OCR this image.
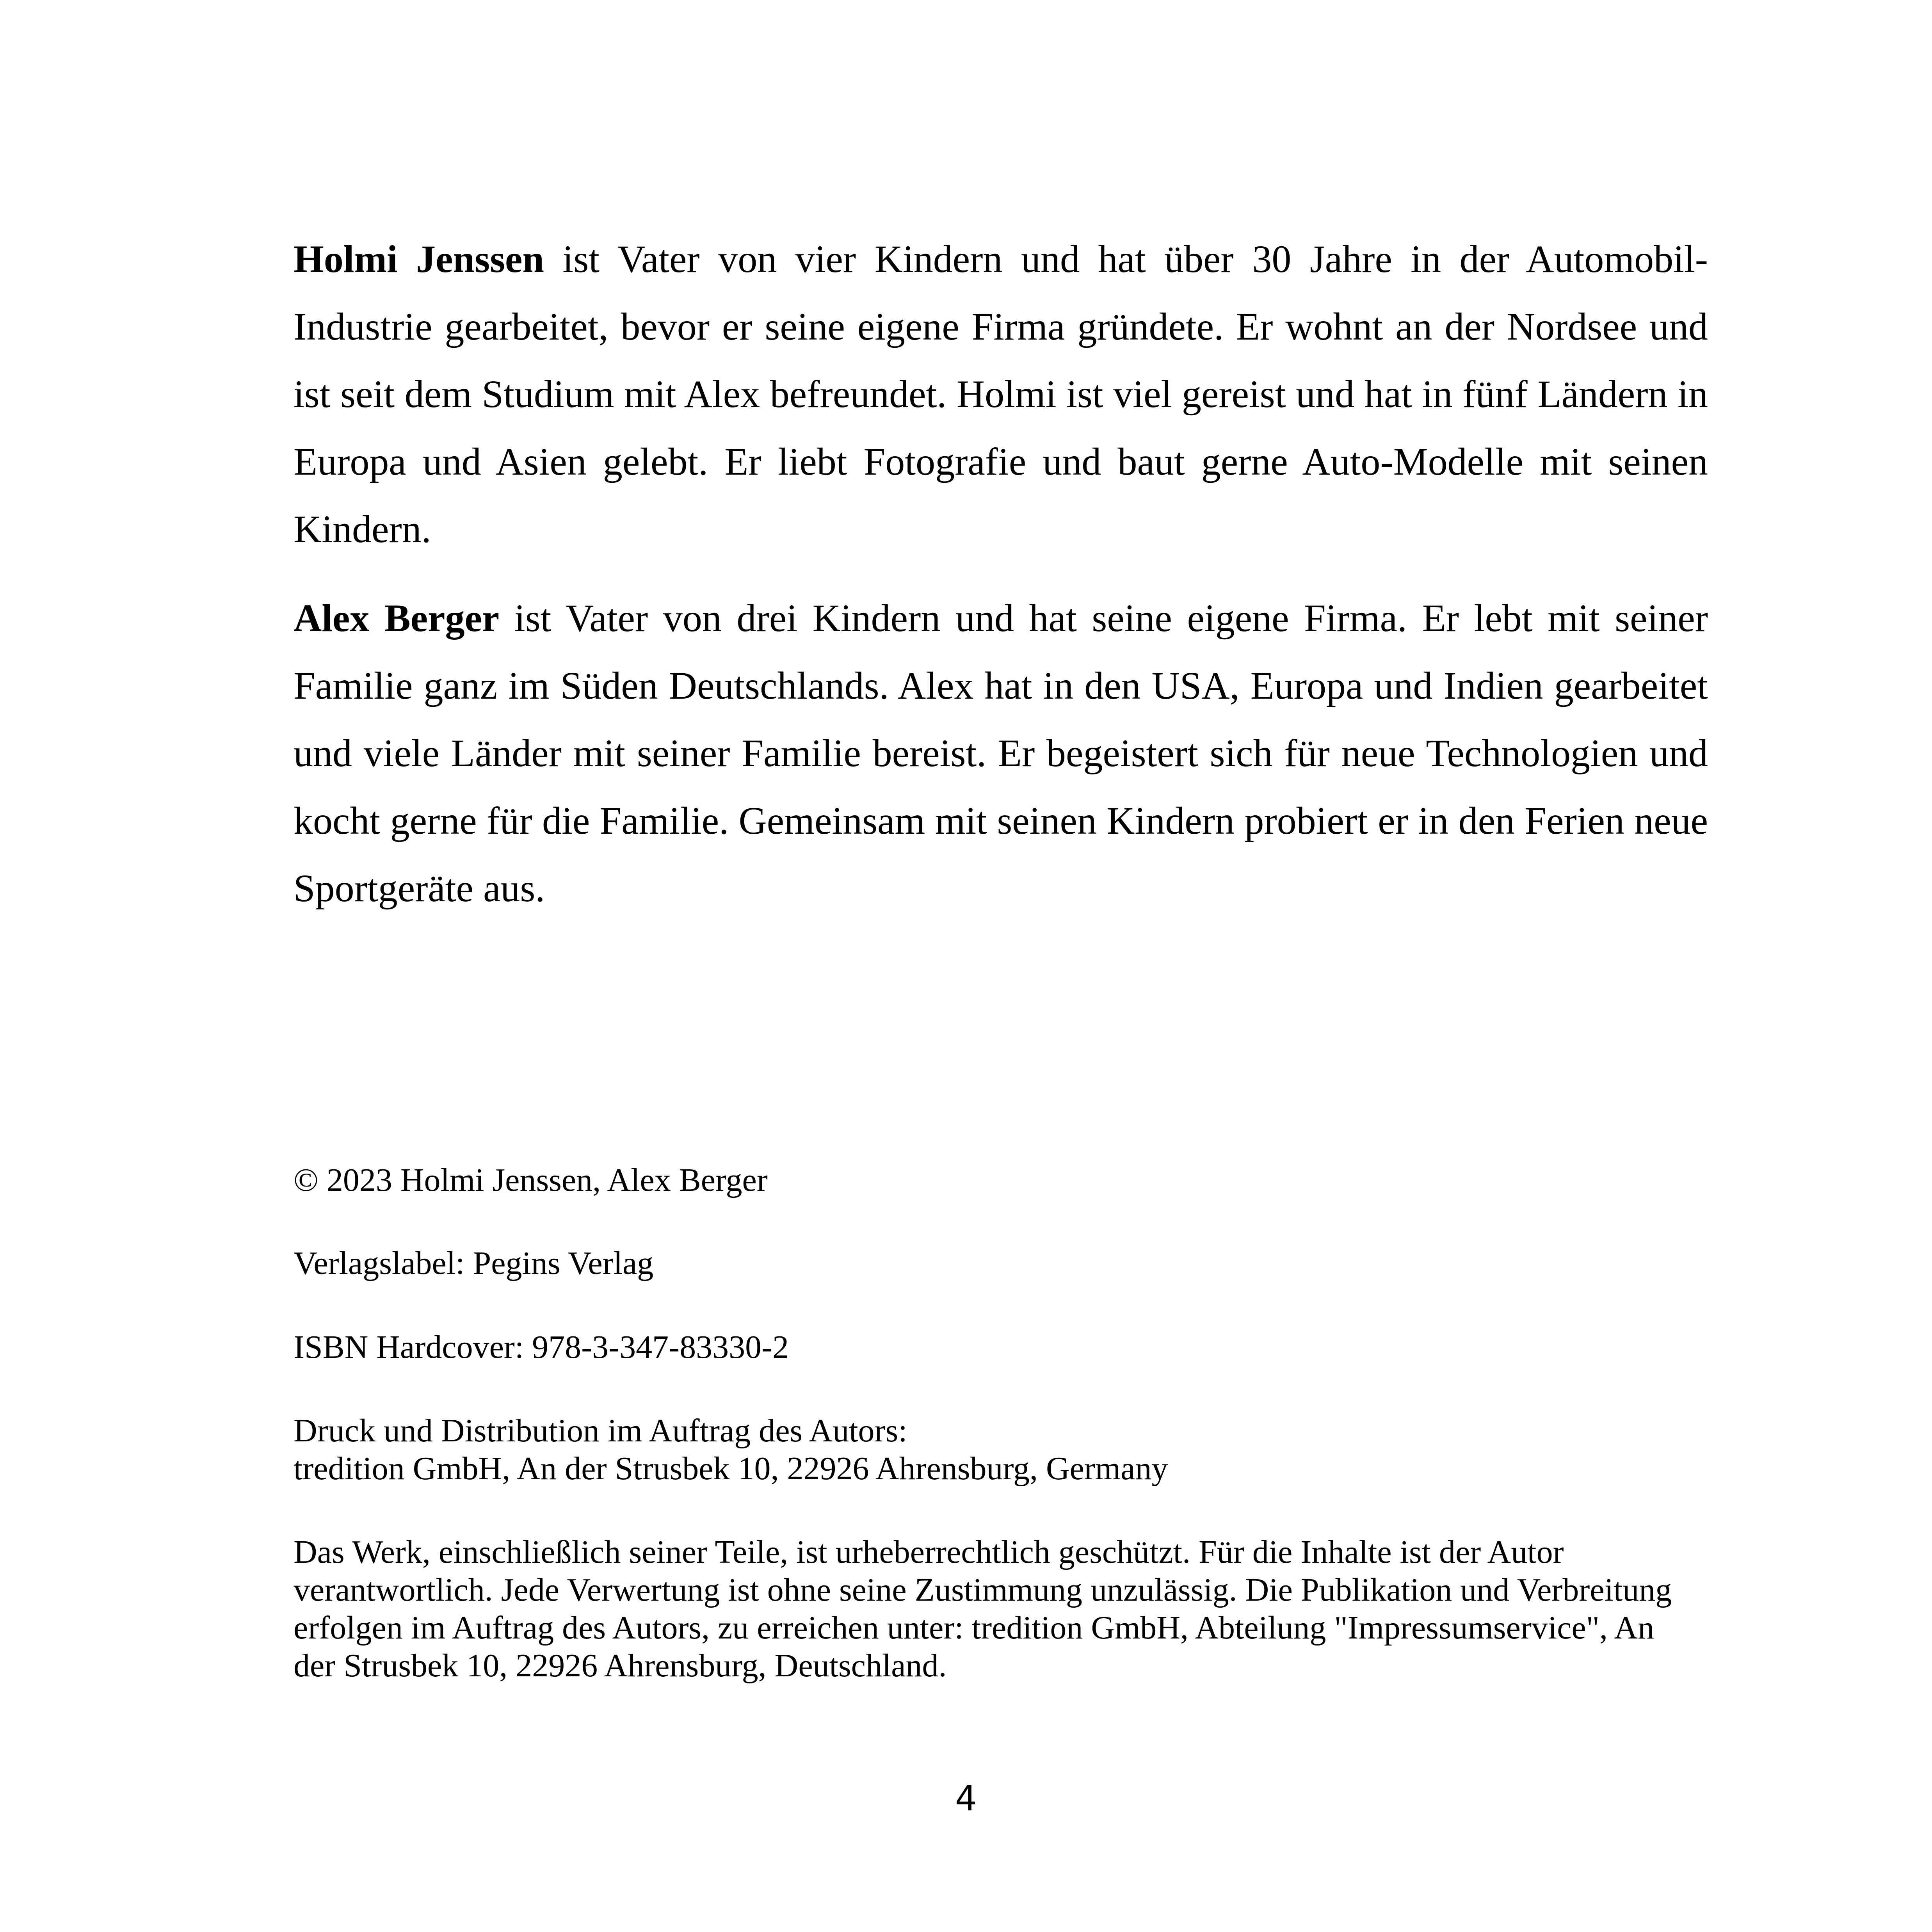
Holmi Jenssen ist Vater von vier Kindern und hat über 30 Jahre in der Automobil-Industrie gearbeitet, bevor er seine eigene Firma gründete. Er wohnt an der Nordsee und ist seit dem Studium mit Alex befreundet. Holmi ist viel gereist und hat in fünf Ländern in Europa und Asien gelebt. Er liebt Fotografie und baut gerne Auto-Modelle mit seinen Kindern.

Alex Berger ist Vater von drei Kindern und hat seine eigene Firma. Er lebt mit seiner Familie ganz im Süden Deutschlands. Alex hat in den USA, Europa und Indien gearbeitet und viele Länder mit seiner Familie bereist. Er begeistert sich für neue Technologien und kocht gerne für die Familie. Gemeinsam mit seinen Kindern probiert er in den Ferien neue Sportgeräte aus.

© 2023 Holmi Jenssen, Alex Berger

Verlagslabel: Pegins Verlag

ISBN Hardcover: 978-3-347-83330-2

Druck und Distribution im Auftrag des Autors:
tredition GmbH, An der Strusbek 10, 22926 Ahrensburg, Germany

Das Werk, einschließlich seiner Teile, ist urheberrechtlich geschützt. Für die Inhalte ist der Autor
verantwortlich. Jede Verwertung ist ohne seine Zustimmung unzulässig. Die Publikation und Verbreitung
erfolgen im Auftrag des Autors, zu erreichen unter: tredition GmbH, Abteilung "Impressumservice", An
der Strusbek 10, 22926 Ahrensburg, Deutschland.

4
